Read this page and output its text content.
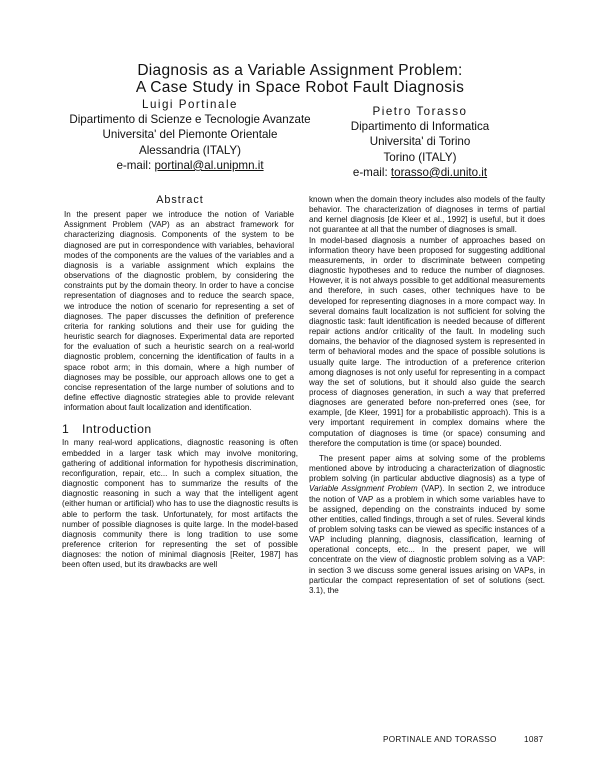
Diagnosis as a Variable Assignment Problem:
A Case Study in Space Robot Fault Diagnosis
Luigi Portinale
Dipartimento di Scienze e Tecnologie Avanzate
Universita' del Piemonte Orientale
Alessandria (ITALY)
e-mail: portinal@al.unipmn.it
Pietro Torasso
Dipartimento di Informatica
Universita' di Torino
Torino (ITALY)
e-mail: torasso@di.unito.it
Abstract

In the present paper we introduce the notion of Variable Assignment Problem (VAP) as an abstract framework for characterizing diagnosis. Components of the system to be diagnosed are put in correspondence with variables, behavioral modes of the components are the values of the variables and a diagnosis is a variable assignment which explains the observations of the diagnostic problem, by considering the constraints put by the domain theory. In order to have a concise representation of diagnoses and to reduce the search space, we introduce the notion of scenario for representing a set of diagnoses. The paper discusses the definition of preference criteria for ranking solutions and their use for guiding the heuristic search for diagnoses. Experimental data are reported for the evaluation of such a heuristic search on a real-world diagnostic problem, concerning the identification of faults in a space robot arm; in this domain, where a high number of diagnoses may be possible, our approach allows one to get a concise representation of the large number of solutions and to define effective diagnostic strategies able to provide relevant information about fault localization and identification.

1 Introduction

In many real-word applications, diagnostic reasoning is often embedded in a larger task which may involve monitoring, gathering of additional information for hypothesis discrimination, reconfiguration, repair, etc... In such a complex situation, the diagnostic component has to summarize the results of the diagnostic reasoning in such a way that the intelligent agent (either human or artificial) who has to use the diagnostic results is able to perform the task. Unfortunately, for most artifacts the number of possible diagnoses is quite large. In the model-based diagnosis community there is long tradition to use some preference criterion for representing the set of possible diagnoses: the notion of minimal diagnosis [Reiter, 1987] has been often used, but its drawbacks are well

known when the domain theory includes also models of the faulty behavior. The characterization of diagnoses in terms of partial and kernel diagnosis [de Kleer et al., 1992] is useful, but it does not guarantee at all that the number of diagnoses is small.

In model-based diagnosis a number of approaches based on information theory have been proposed for suggesting additional measurements, in order to discriminate between competing diagnostic hypotheses and to reduce the number of diagnoses. However, it is not always possible to get additional measurements and therefore, in such cases, other techniques have to be developed for representing diagnoses in a more compact way. In several domains fault localization is not sufficient for solving the diagnostic task: fault identification is needed because of different repair actions and/or criticality of the fault. In modeling such domains, the behavior of the diagnosed system is represented in term of behavioral modes and the space of possible solutions is usually quite large. The introduction of a preference criterion among diagnoses is not only useful for representing in a compact way the set of solutions, but it should also guide the search process of diagnoses generation, in such a way that preferred diagnoses are generated before non-preferred ones (see, for example, [de Kleer, 1991] for a probabilistic approach). This is a very important requirement in complex domains where the computation of diagnoses is time (or space) consuming and therefore the computation is time (or space) bounded.

The present paper aims at solving some of the problems mentioned above by introducing a characterization of diagnostic problem solving (in particular abductive diagnosis) as a type of Variable Assignment Problem (VAP). In section 2, we introduce the notion of VAP as a problem in which some variables have to be assigned, depending on the constraints induced by some other entities, called findings, through a set of rules. Several kinds of problem solving tasks can be viewed as specific instances of a VAP including planning, diagnosis, classification, learning of operational concepts, etc... In the present paper, we will concentrate on the view of diagnostic problem solving as a VAP: in section 3 we discuss some general issues arising on VAPs, in particular the compact representation of set of solutions (sect. 3.1), the

PORTINALE AND TORASSO	1087
